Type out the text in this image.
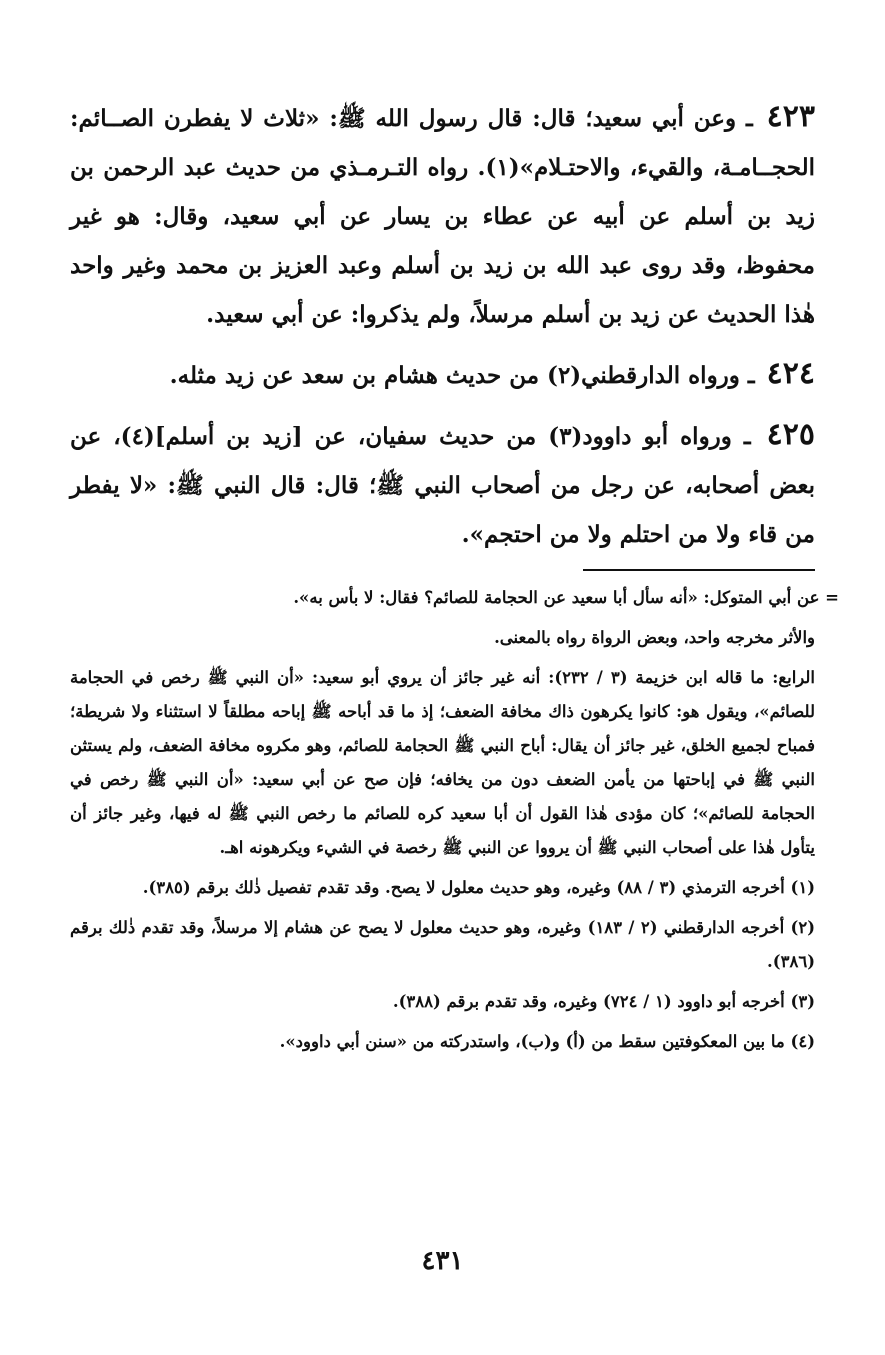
٤٢٣ ـ وعن أبي سعيد؛ قال: قال رسول الله ﷺ: «ثلاث لا يفطرن الصــائم: الحجــامـة، والقيء، والاحتـلام»(١). رواه التـرمـذي من حديث عبد الرحمن بن زيد بن أسلم عن أبيه عن عطاء بن يسار عن أبي سعيد، وقال: هو غير محفوظ، وقد روى عبد الله بن زيد بن أسلم وعبد العزيز بن محمد وغير واحد هٰذا الحديث عن زيد بن أسلم مرسلاً، ولم يذكروا: عن أبي سعيد.

٤٢٤ ـ ورواه الدارقطني(٢) من حديث هشام بن سعد عن زيد مثله.

٤٢٥ ـ ورواه أبو داوود(٣) من حديث سفيان، عن [زيد بن أسلم](٤)، عن بعض أصحابه، عن رجل من أصحاب النبي ﷺ؛ قال: قال النبي ﷺ: «لا يفطر من قاء ولا من احتلم ولا من احتجم».

= عن أبي المتوكل: «أنه سأل أبا سعيد عن الحجامة للصائم؟ فقال: لا بأس به».

والأثر مخرجه واحد، وبعض الرواة رواه بالمعنى.

الرابع: ما قاله ابن خزيمة (٣ / ٢٣٢): أنه غير جائز أن يروي أبو سعيد: «أن النبي ﷺ رخص في الحجامة للصائم»، ويقول هو: كانوا يكرهون ذاك مخافة الضعف؛ إذ ما قد أباحه ﷺ إباحه مطلقاً لا استثناء ولا شريطة؛ فمباح لجميع الخلق، غير جائز أن يقال: أباح النبي ﷺ الحجامة للصائم، وهو مكروه مخافة الضعف، ولم يستثن النبي ﷺ في إباحتها من يأمن الضعف دون من يخافه؛ فإن صح عن أبي سعيد: «أن النبي ﷺ رخص في الحجامة للصائم»؛ كان مؤدى هٰذا القول أن أبا سعيد كره للصائم ما رخص النبي ﷺ له فيها، وغير جائز أن يتأول هٰذا على أصحاب النبي ﷺ أن يرووا عن النبي ﷺ رخصة في الشيء ويكرهونه اهـ.

(١) أخرجه الترمذي (٣ / ٨٨) وغيره، وهو حديث معلول لا يصح. وقد تقدم تفصيل ذٰلك برقم (٣٨٥).

(٢) أخرجه الدارقطني (٢ / ١٨٣) وغيره، وهو حديث معلول لا يصح عن هشام إلا مرسلاً، وقد تقدم ذٰلك برقم (٣٨٦).

(٣) أخرجه أبو داوود (١ / ٧٢٤) وغيره، وقد تقدم برقم (٣٨٨).

(٤) ما بين المعكوفتين سقط من (أ) و(ب)، واستدركته من «سنن أبي داوود».

٤٣١
